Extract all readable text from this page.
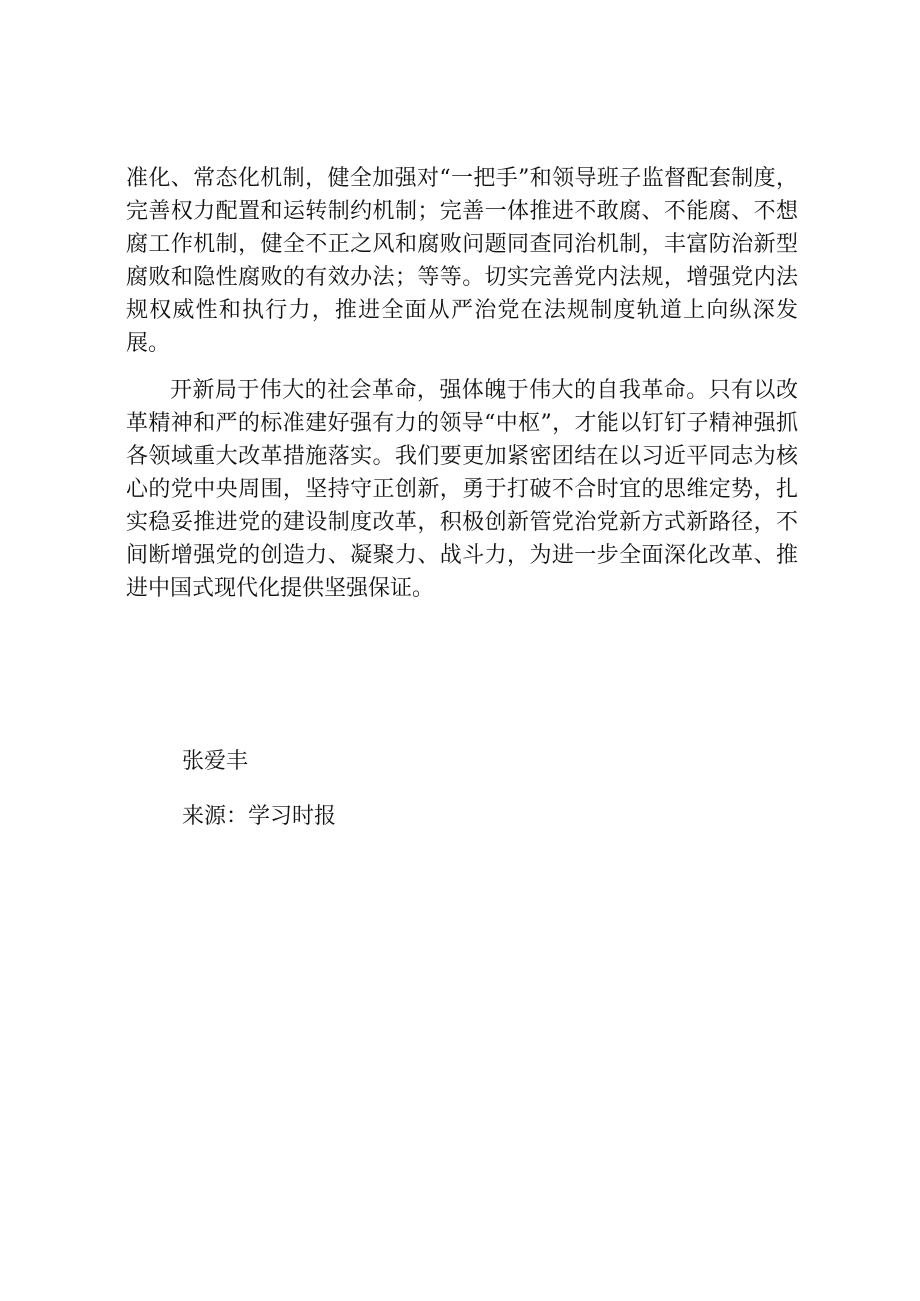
准化、常态化机制，健全加强对“一把手”和领导班子监督配套制度，完善权力配置和运转制约机制；完善一体推进不敢腐、不能腐、不想腐工作机制，健全不正之风和腐败问题同查同治机制，丰富防治新型腐败和隐性腐败的有效办法；等等。切实完善党内法规，增强党内法规权威性和执行力，推进全面从严治党在法规制度轨道上向纵深发展。

开新局于伟大的社会革命，强体魄于伟大的自我革命。只有以改革精神和严的标准建好强有力的领导“中枢”，才能以钉钉子精神强抓各领域重大改革措施落实。我们要更加紧密团结在以习近平同志为核心的党中央周围，坚持守正创新，勇于打破不合时宜的思维定势，扎实稳妥推进党的建设制度改革，积极创新管党治党新方式新路径，不间断增强党的创造力、凝聚力、战斗力，为进一步全面深化改革、推进中国式现代化提供坚强保证。

张爱丰

来源：学习时报
